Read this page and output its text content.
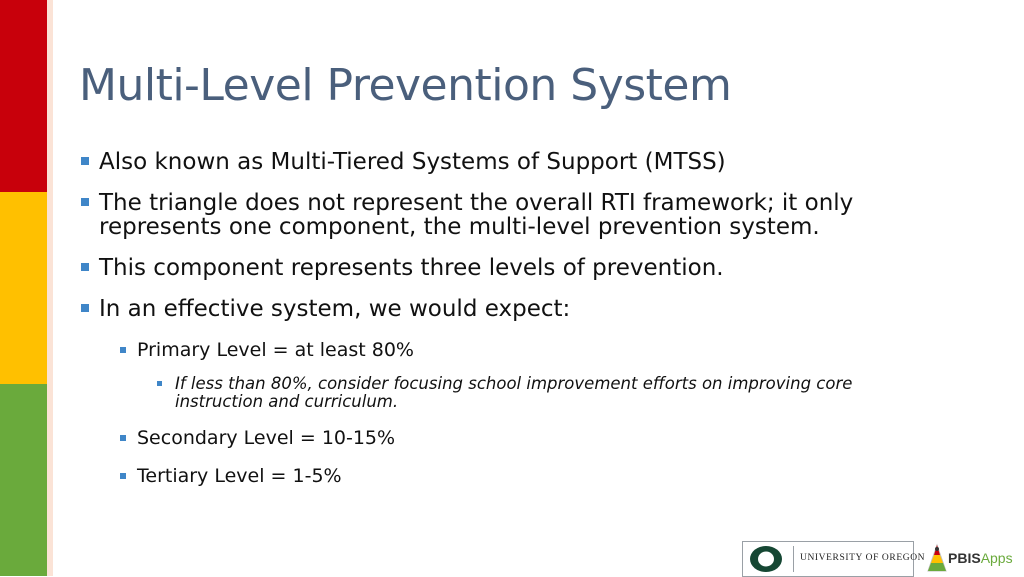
Multi-Level Prevention System
Also known as Multi-Tiered Systems of Support (MTSS)
The triangle does not represent the overall RTI framework; it only represents one component, the multi-level prevention system.
This component represents three levels of prevention.
In an effective system, we would expect:
Primary Level = at least 80%
If less than 80%, consider focusing school improvement efforts on improving core instruction and curriculum.
Secondary Level = 10-15%
Tertiary Level = 1-5%
UNIVERSITY OF OREGON PBISApps
